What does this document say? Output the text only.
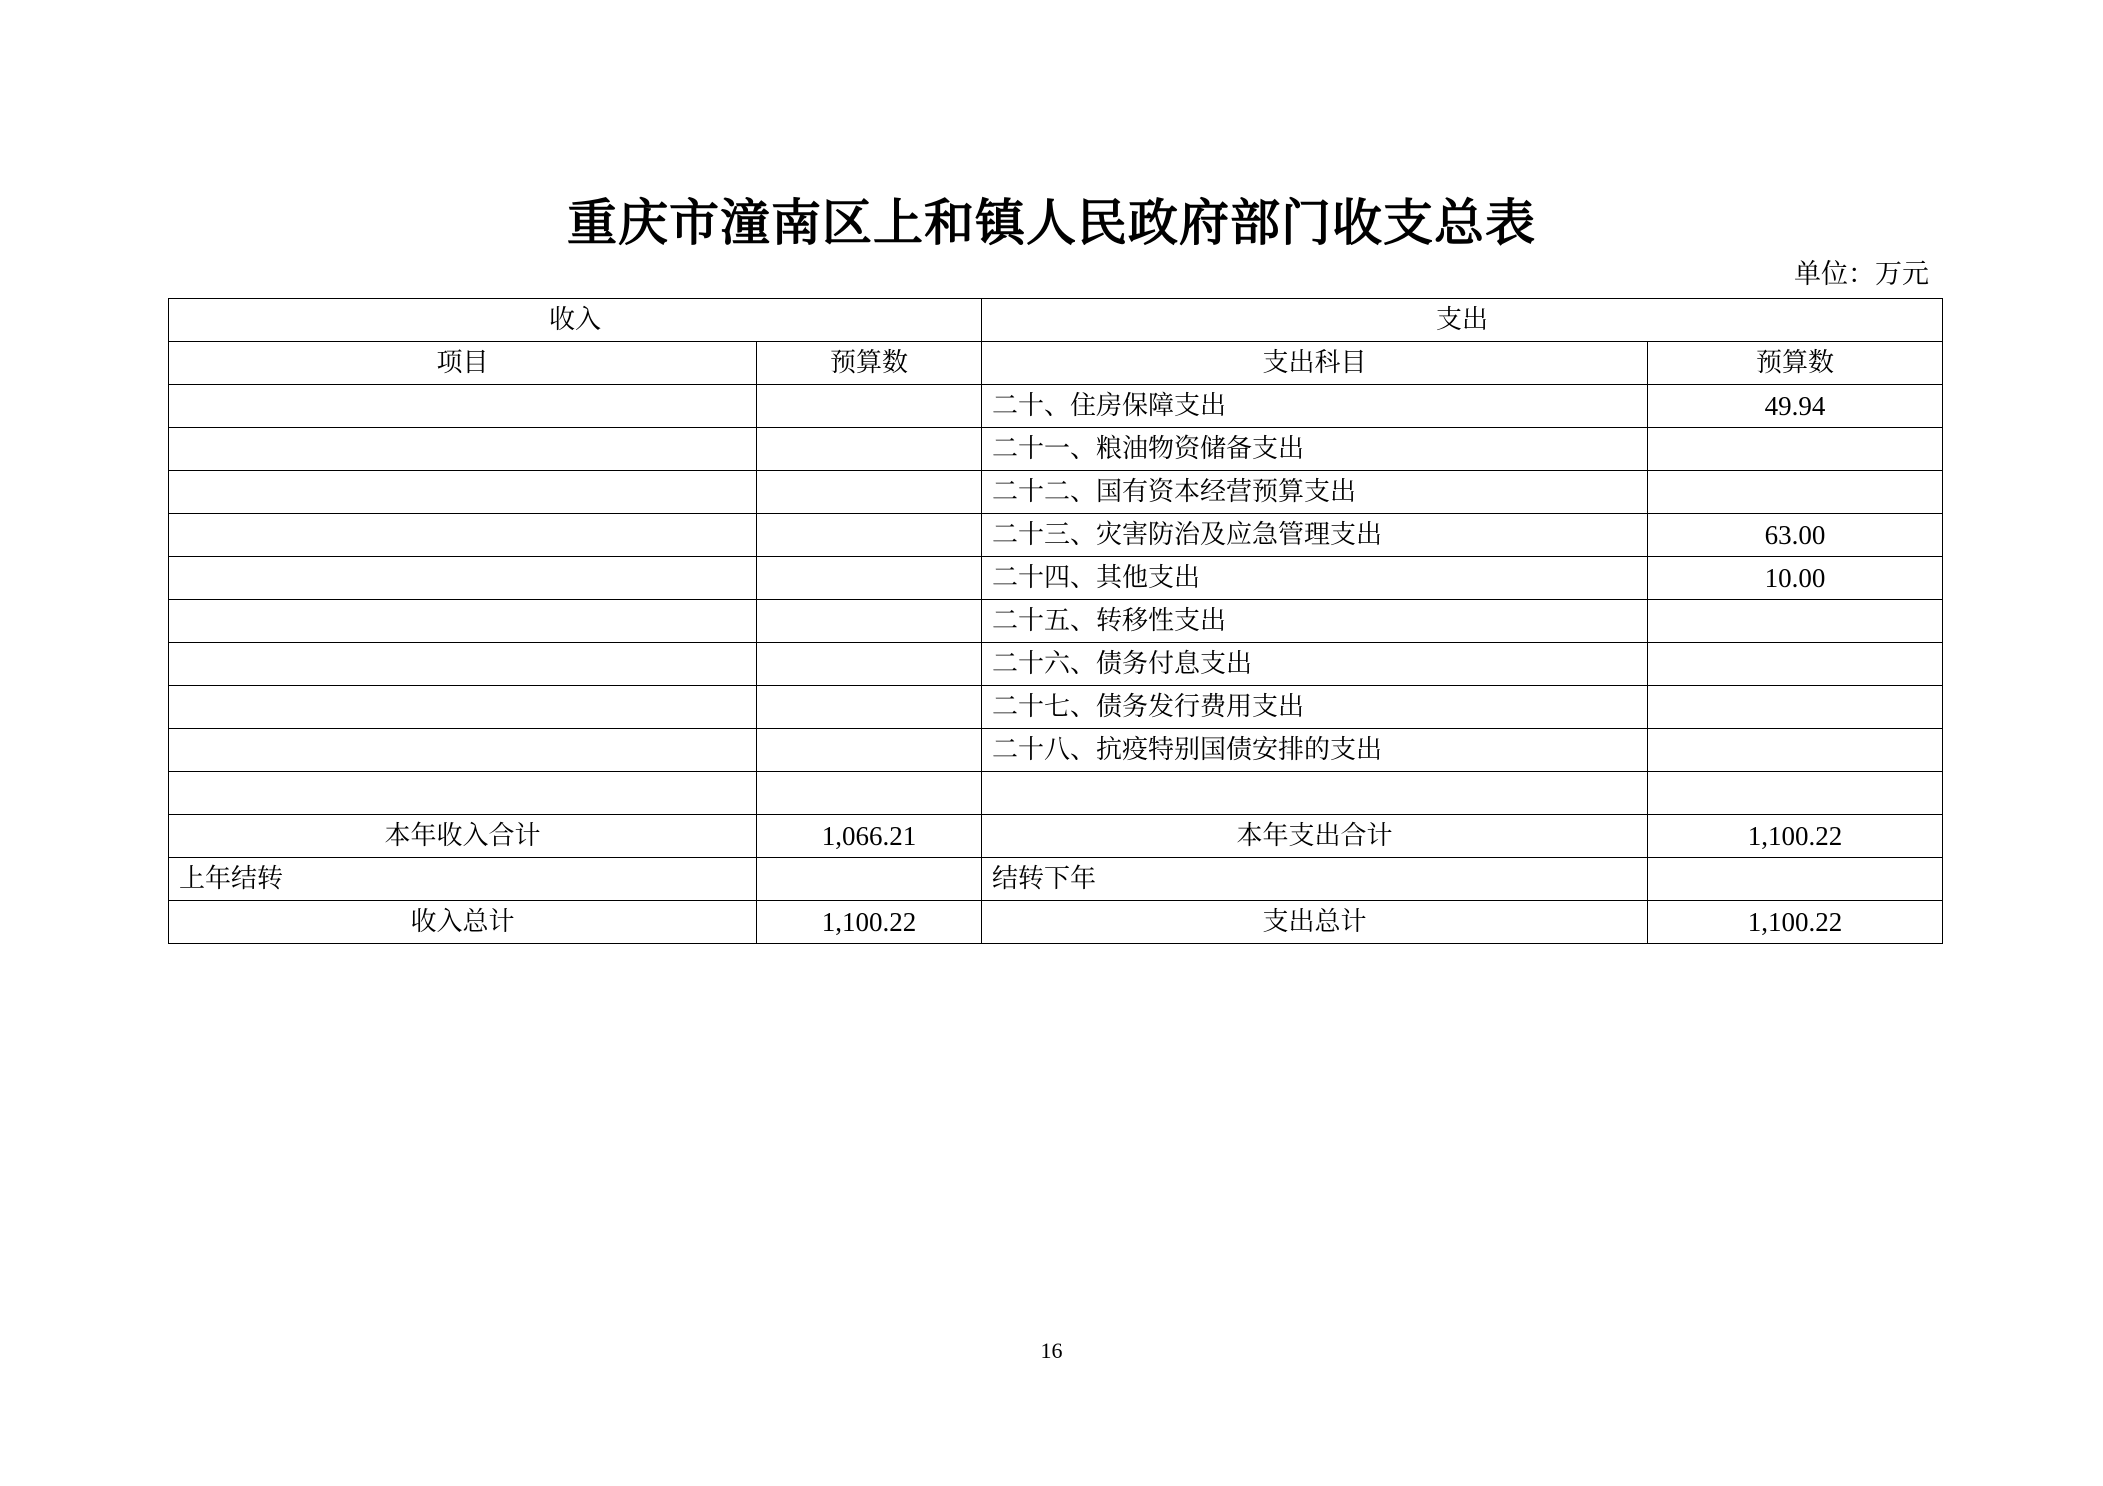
重庆市潼南区上和镇人民政府部门收支总表
单位：万元
收入		支出	
项目	预算数	支出科目	预算数
		二十、住房保障支出	49.94
		二十一、粮油物资储备支出	
		二十二、国有资本经营预算支出	
		二十三、灾害防治及应急管理支出	63.00
		二十四、其他支出	10.00
		二十五、转移性支出	
		二十六、债务付息支出	
		二十七、债务发行费用支出	
		二十八、抗疫特别国债安排的支出	

本年收入合计	1,066.21	本年支出合计	1,100.22
上年结转		结转下年	
收入总计	1,100.22	支出总计	1,100.22
16
